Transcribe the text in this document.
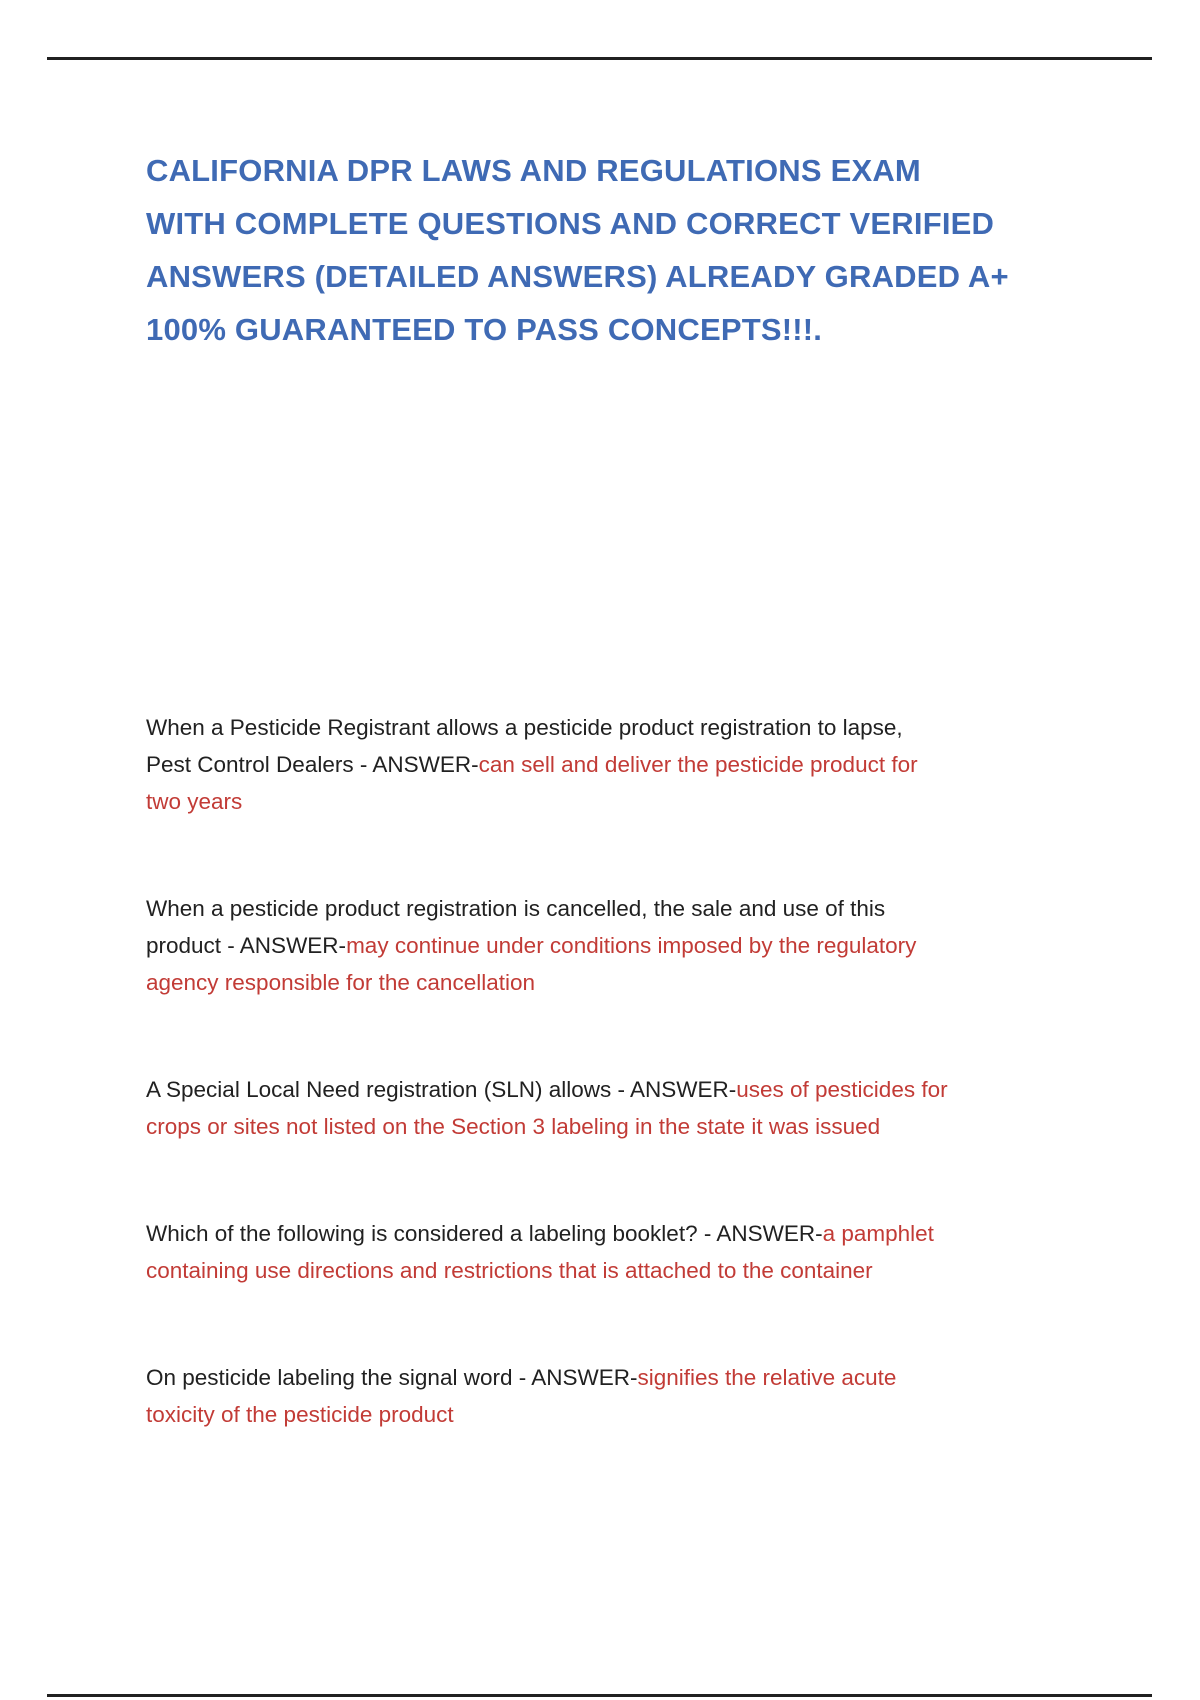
CALIFORNIA DPR LAWS AND REGULATIONS EXAM
WITH COMPLETE QUESTIONS AND CORRECT VERIFIED
ANSWERS (DETAILED ANSWERS) ALREADY GRADED A+
100% GUARANTEED TO PASS CONCEPTS!!!.
When a Pesticide Registrant allows a pesticide product registration to lapse,
Pest Control Dealers - ANSWER-can sell and deliver the pesticide product for
two years
When a pesticide product registration is cancelled, the sale and use of this
product - ANSWER-may continue under conditions imposed by the regulatory
agency responsible for the cancellation
A Special Local Need registration (SLN) allows - ANSWER-uses of pesticides for
crops or sites not listed on the Section 3 labeling in the state it was issued
Which of the following is considered a labeling booklet? - ANSWER-a pamphlet
containing use directions and restrictions that is attached to the container
On pesticide labeling the signal word - ANSWER-signifies the relative acute
toxicity of the pesticide product
